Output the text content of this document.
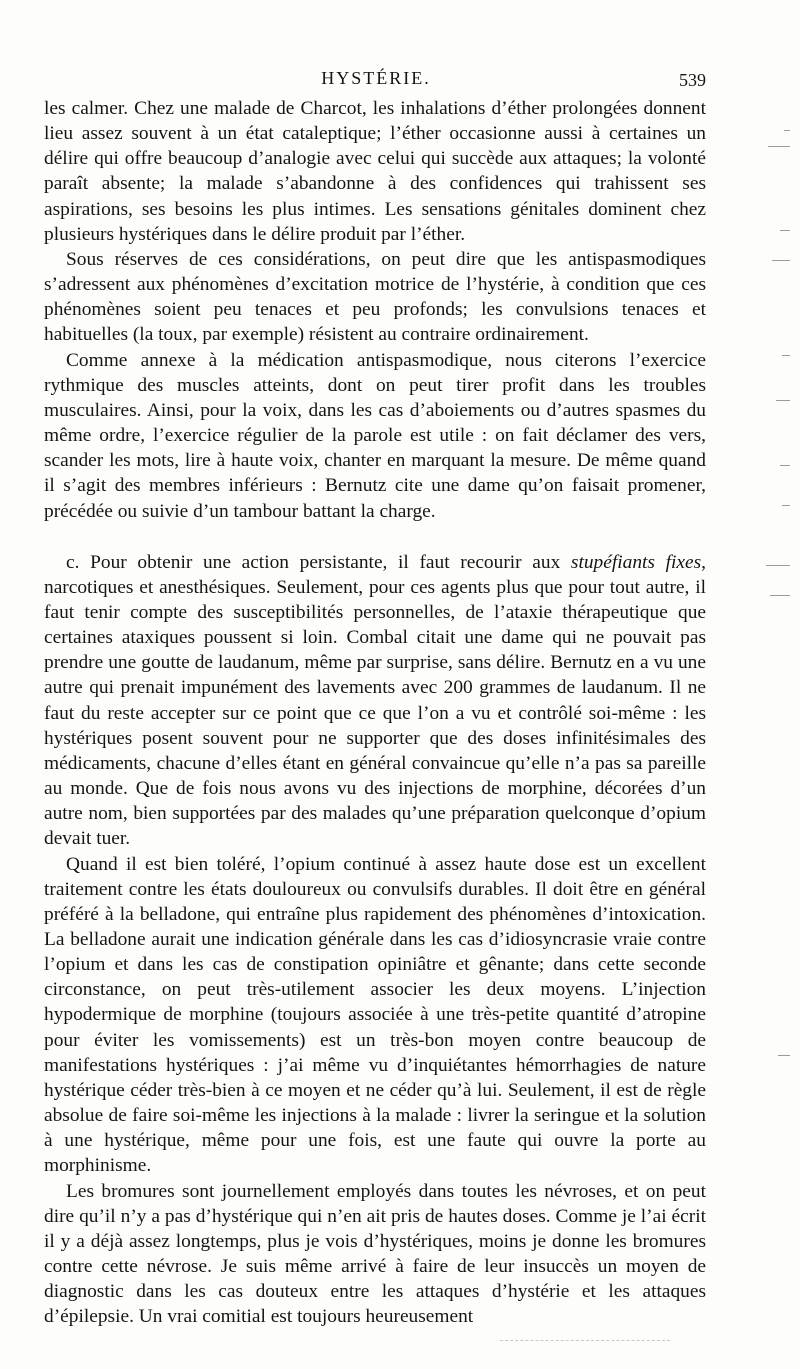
HYSTÉRIE.	539

les calmer. Chez une malade de Charcot, les inhalations d’éther prolongées donnent lieu assez souvent à un état cataleptique; l’éther occasionne aussi à certaines un délire qui offre beaucoup d’analogie avec celui qui succède aux attaques; la volonté paraît absente; la malade s’abandonne à des confidences qui trahissent ses aspirations, ses besoins les plus intimes. Les sensations génitales dominent chez plusieurs hystériques dans le délire produit par l’éther.

Sous réserves de ces considérations, on peut dire que les antispasmodiques s’adressent aux phénomènes d’excitation motrice de l’hystérie, à condition que ces phénomènes soient peu tenaces et peu profonds; les convulsions tenaces et habituelles (la toux, par exemple) résistent au contraire ordinairement.

Comme annexe à la médication antispasmodique, nous citerons l’exercice rythmique des muscles atteints, dont on peut tirer profit dans les troubles musculaires. Ainsi, pour la voix, dans les cas d’aboiements ou d’autres spasmes du même ordre, l’exercice régulier de la parole est utile : on fait déclamer des vers, scander les mots, lire à haute voix, chanter en marquant la mesure. De même quand il s’agit des membres inférieurs : Bernutz cite une dame qu’on faisait promener, précédée ou suivie d’un tambour battant la charge.

c. Pour obtenir une action persistante, il faut recourir aux stupéfiants fixes, narcotiques et anesthésiques. Seulement, pour ces agents plus que pour tout autre, il faut tenir compte des susceptibilités personnelles, de l’ataxie thérapeutique que certaines ataxiques poussent si loin. Combal citait une dame qui ne pouvait pas prendre une goutte de laudanum, même par surprise, sans délire. Bernutz en a vu une autre qui prenait impunément des lavements avec 200 grammes de laudanum. Il ne faut du reste accepter sur ce point que ce que l’on a vu et contrôlé soi-même : les hystériques posent souvent pour ne supporter que des doses infinitésimales des médicaments, chacune d’elles étant en général convaincue qu’elle n’a pas sa pareille au monde. Que de fois nous avons vu des injections de morphine, décorées d’un autre nom, bien supportées par des malades qu’une préparation quelconque d’opium devait tuer.

Quand il est bien toléré, l’opium continué à assez haute dose est un excellent traitement contre les états douloureux ou convulsifs durables. Il doit être en général préféré à la belladone, qui entraîne plus rapidement des phénomènes d’intoxication. La belladone aurait une indication générale dans les cas d’idiosyncrasie vraie contre l’opium et dans les cas de constipation opiniâtre et gênante; dans cette seconde circonstance, on peut très-utilement associer les deux moyens. L’injection hypodermique de morphine (toujours associée à une très-petite quantité d’atropine pour éviter les vomissements) est un très-bon moyen contre beaucoup de manifestations hystériques : j’ai même vu d’inquiétantes hémorrhagies de nature hystérique céder très-bien à ce moyen et ne céder qu’à lui. Seulement, il est de règle absolue de faire soi-même les injections à la malade : livrer la seringue et la solution à une hystérique, même pour une fois, est une faute qui ouvre la porte au morphinisme.

Les bromures sont journellement employés dans toutes les névroses, et on peut dire qu’il n’y a pas d’hystérique qui n’en ait pris de hautes doses. Comme je l’ai écrit il y a déjà assez longtemps, plus je vois d’hystériques, moins je donne les bromures contre cette névrose. Je suis même arrivé à faire de leur insuccès un moyen de diagnostic dans les cas douteux entre les attaques d’hystérie et les attaques d’épilepsie. Un vrai comitial est toujours heureusement
